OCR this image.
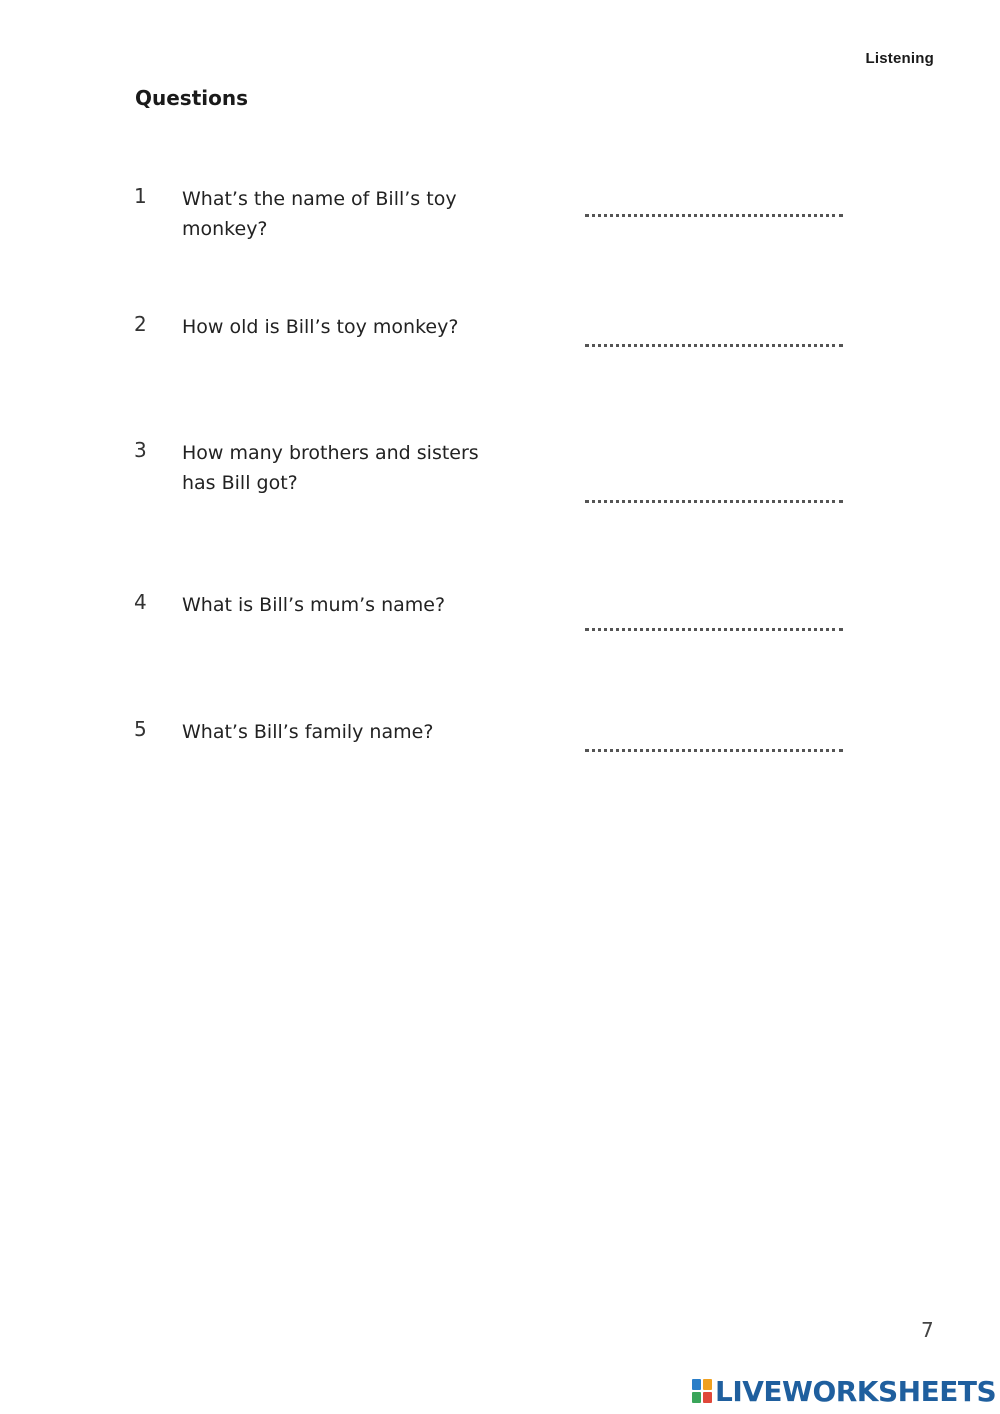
Listening
Questions
1 What’s the name of Bill’s toy monkey?
2 How old is Bill’s toy monkey?
3 How many brothers and sisters
has Bill got?
4 What is Bill’s mum’s name?
5 What’s Bill’s family name?
7
LIVEWORKSHEETS
